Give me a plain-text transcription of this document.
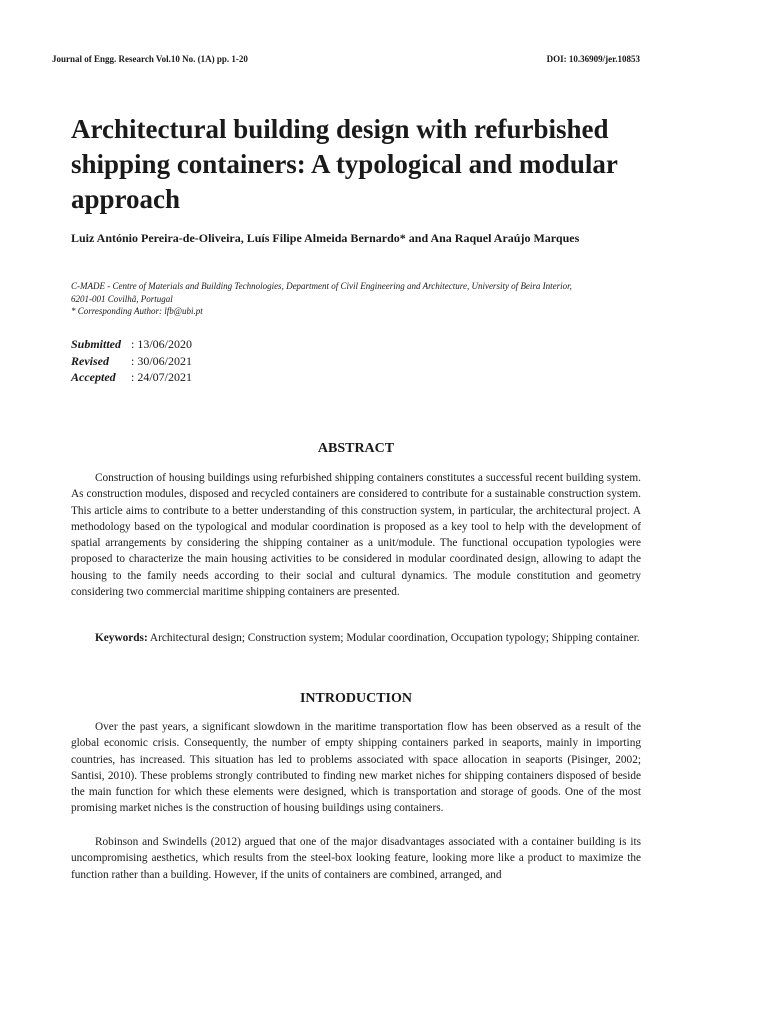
Journal of Engg. Research Vol.10 No. (1A) pp. 1-20	DOI: 10.36909/jer.10853
Architectural building design with refurbished shipping containers: A typological and modular approach
Luiz António Pereira-de-Oliveira, Luís Filipe Almeida Bernardo* and Ana Raquel Araújo Marques
C-MADE - Centre of Materials and Building Technologies, Department of Civil Engineering and Architecture, University of Beira Interior,
6201-001 Covilhã, Portugal
* Corresponding Author: lfb@ubi.pt
Submitted : 13/06/2020
Revised	: 30/06/2021
Accepted	: 24/07/2021
ABSTRACT

Construction of housing buildings using refurbished shipping containers constitutes a successful recent building system. As construction modules, disposed and recycled containers are considered to contribute for a sustainable construction system. This article aims to contribute to a better understanding of this construction system, in particular, the architectural project. A methodology based on the typological and modular coordination is proposed as a key tool to help with the development of spatial arrangements by considering the shipping container as a unit/module. The functional occupation typologies were proposed to characterize the main housing activities to be considered in modular coordinated design, allowing to adapt the housing to the family needs according to their social and cultural dynamics. The module constitution and geometry considering two commercial maritime shipping containers are presented.

Keywords: Architectural design; Construction system; Modular coordination, Occupation typology; Shipping container.

INTRODUCTION

Over the past years, a significant slowdown in the maritime transportation flow has been observed as a result of the global economic crisis. Consequently, the number of empty shipping containers parked in seaports, mainly in importing countries, has increased. This situation has led to problems associated with space allocation in seaports (Pisinger, 2002; Santisi, 2010). These problems strongly contributed to finding new market niches for shipping containers disposed of beside the main function for which these elements were designed, which is transportation and storage of goods. One of the most promising market niches is the construction of housing buildings using containers.

Robinson and Swindells (2012) argued that one of the major disadvantages associated with a container building is its uncompromising aesthetics, which results from the steel-box looking feature, looking more like a product to maximize the function rather than a building. However, if the units of containers are combined, arranged, and
